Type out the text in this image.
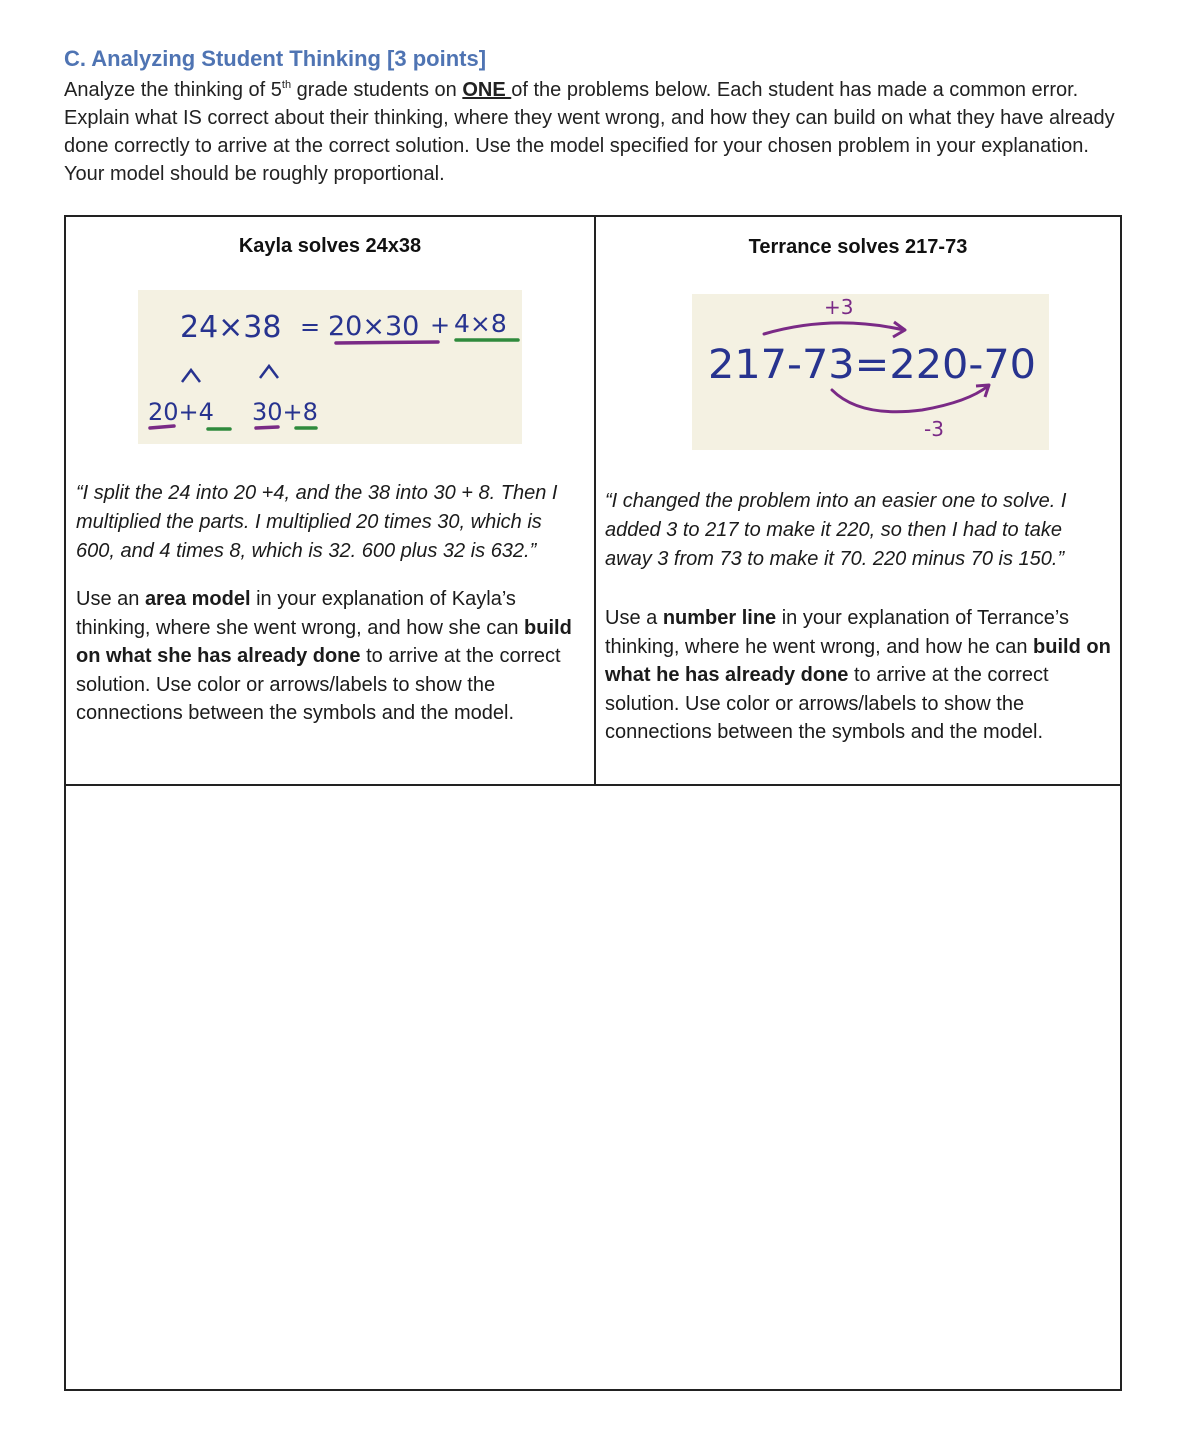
C. Analyzing Student Thinking [3 points]
Analyze the thinking of 5th grade students on ONE of the problems below. Each student has made a common error. Explain what IS correct about their thinking, where they went wrong, and how they can build on what they have already done correctly to arrive at the correct solution. Use the model specified for your chosen problem in your explanation. Your model should be roughly proportional.
Kayla solves 24x38
24×38 = 20×30 + 4×8
20+4 30+8
“I split the 24 into 20 +4, and the 38 into 30 + 8. Then I multiplied the parts. I multiplied 20 times 30, which is 600, and 4 times 8, which is 32. 600 plus 32 is 632.”
Use an area model in your explanation of Kayla’s thinking, where she went wrong, and how she can build on what she has already done to arrive at the correct solution. Use color or arrows/labels to show the connections between the symbols and the model.
Terrance solves 217-73
+3
217-73=220-70
-3
“I changed the problem into an easier one to solve. I added 3 to 217 to make it 220, so then I had to take away 3 from 73 to make it 70. 220 minus 70 is 150.”
Use a number line in your explanation of Terrance’s thinking, where he went wrong, and how he can build on what he has already done to arrive at the correct solution. Use color or arrows/labels to show the connections between the symbols and the model.
